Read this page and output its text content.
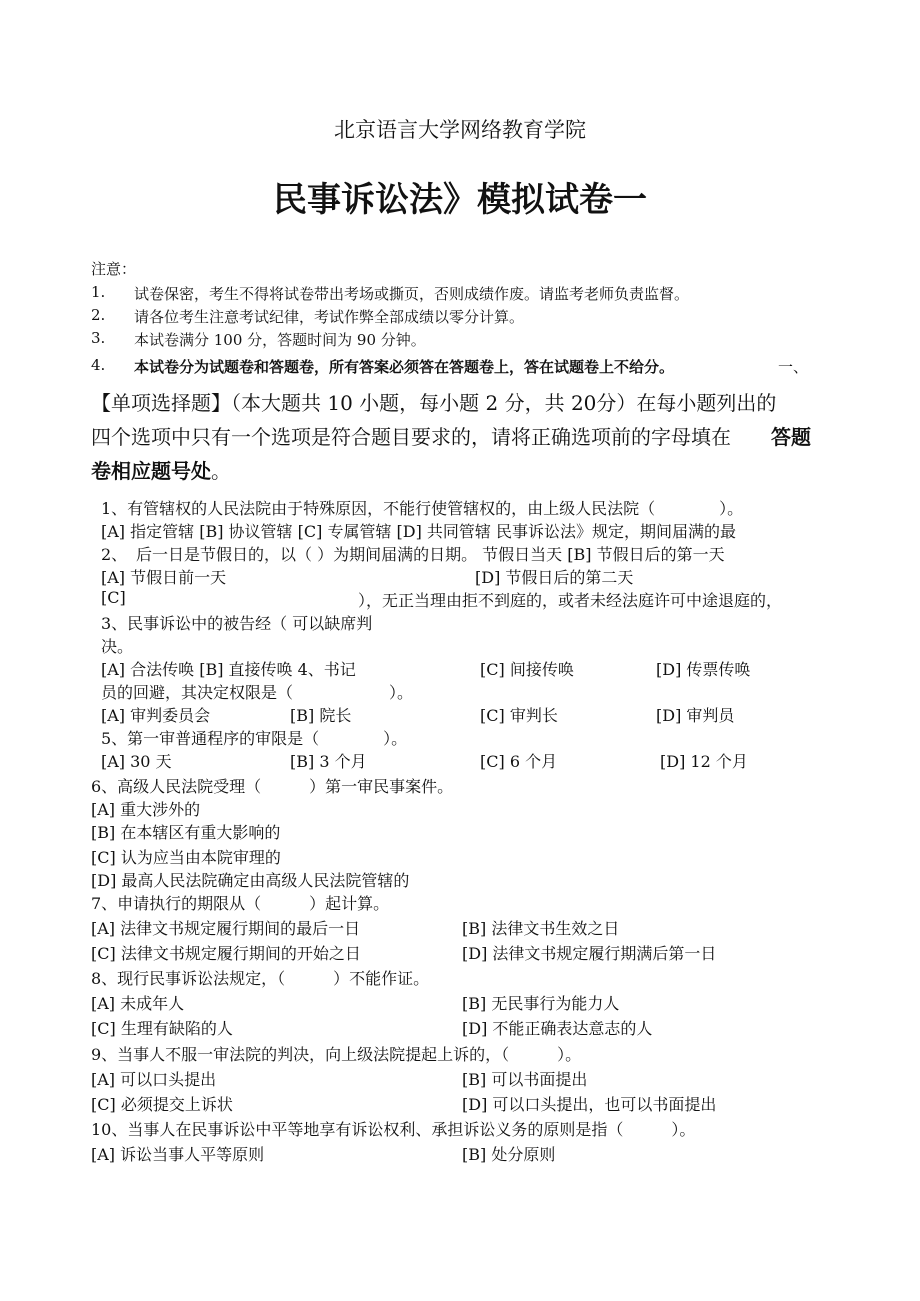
北京语言大学网络教育学院
民事诉讼法》模拟试卷一
注意：
1. 试卷保密，考生不得将试卷带出考场或撕页，否则成绩作废。请监考老师负责监督。
2. 请各位考生注意考试纪律，考试作弊全部成绩以零分计算。
3. 本试卷满分 100 分，答题时间为 90 分钟。
4. 本试卷分为试题卷和答题卷，所有答案必须答在答题卷上，答在试题卷上不给分。	一、
【单项选择题】（本大题共 10 小题，每小题 2 分，共 20分）在每小题列出的
四个选项中只有一个选项是符合题目要求的，请将正确选项前的字母填在 答题
卷相应题号处 。
1、有管辖权的人民法院由于特殊原因，不能行使管辖权的，由上级人民法院（　　　　）。
[A] 指定管辖 [B] 协议管辖 [C] 专属管辖 [D] 共同管辖 民事诉讼法》规定，期间届满的最
2、 后一日是节假日的，以（ ）为期间届满的日期。 节假日当天 [B] 节假日后的第一天
[A] 节假日前一天	[D] 节假日后的第二天
[C]	），无正当理由拒不到庭的，或者未经法庭许可中途退庭的，
3、民事诉讼中的被告经（ 可以缺席判
决。
[A] 合法传唤 [B] 直接传唤 4、书记	[C] 间接传唤	[D] 传票传唤
员的回避，其决定权限是（　　　　　　）。
[A] 审判委员会	[B] 院长	[C] 审判长	[D] 审判员
5、第一审普通程序的审限是（　　　　）。
[A] 30 天	[B] 3 个月	[C] 6 个月	[D] 12 个月
6、高级人民法院受理（　　　）第一审民事案件。
[A] 重大涉外的
[B] 在本辖区有重大影响的
[C] 认为应当由本院审理的
[D] 最高人民法院确定由高级人民法院管辖的
7、申请执行的期限从（　　　）起计算。
[A] 法律文书规定履行期间的最后一日	[B] 法律文书生效之日
[C] 法律文书规定履行期间的开始之日	[D] 法律文书规定履行期满后第一日
8、现行民事诉讼法规定，（　　　）不能作证。
[A] 未成年人	[B] 无民事行为能力人
[C] 生理有缺陷的人	[D] 不能正确表达意志的人
9、当事人不服一审法院的判决，向上级法院提起上诉的，（　　　）。
[A] 可以口头提出	[B] 可以书面提出
[C] 必须提交上诉状	[D] 可以口头提出，也可以书面提出
10、当事人在民事诉讼中平等地享有诉讼权利、承担诉讼义务的原则是指（　　　）。
[A] 诉讼当事人平等原则	[B] 处分原则
